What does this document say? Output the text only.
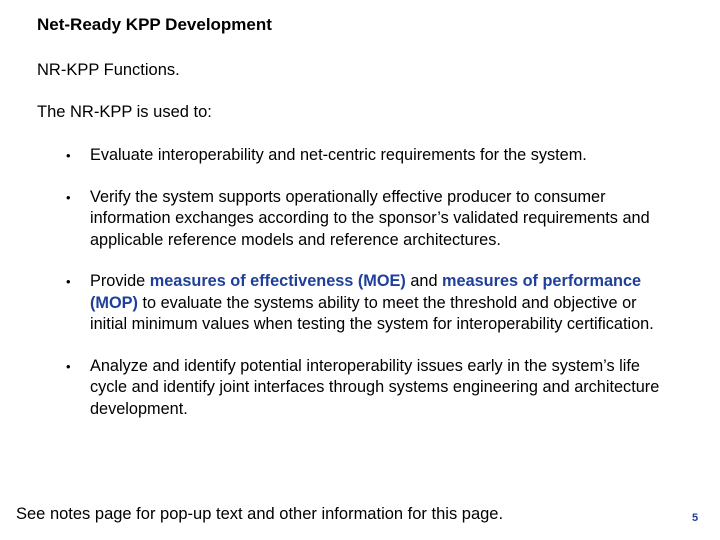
Net-Ready KPP Development
NR-KPP Functions.
The NR-KPP is used to:
• Evaluate interoperability and net-centric requirements for the system.
• Verify the system supports operationally effective producer to consumer information exchanges according to the sponsor’s validated requirements and applicable reference models and reference architectures.
• Provide measures of effectiveness (MOE) and measures of performance (MOP) to evaluate the systems ability to meet the threshold and objective or initial minimum values when testing the system for interoperability certification.
• Analyze and identify potential interoperability issues early in the system’s life cycle and identify joint interfaces through systems engineering and architecture development.
See notes page for pop-up text and other information for this page.	5
